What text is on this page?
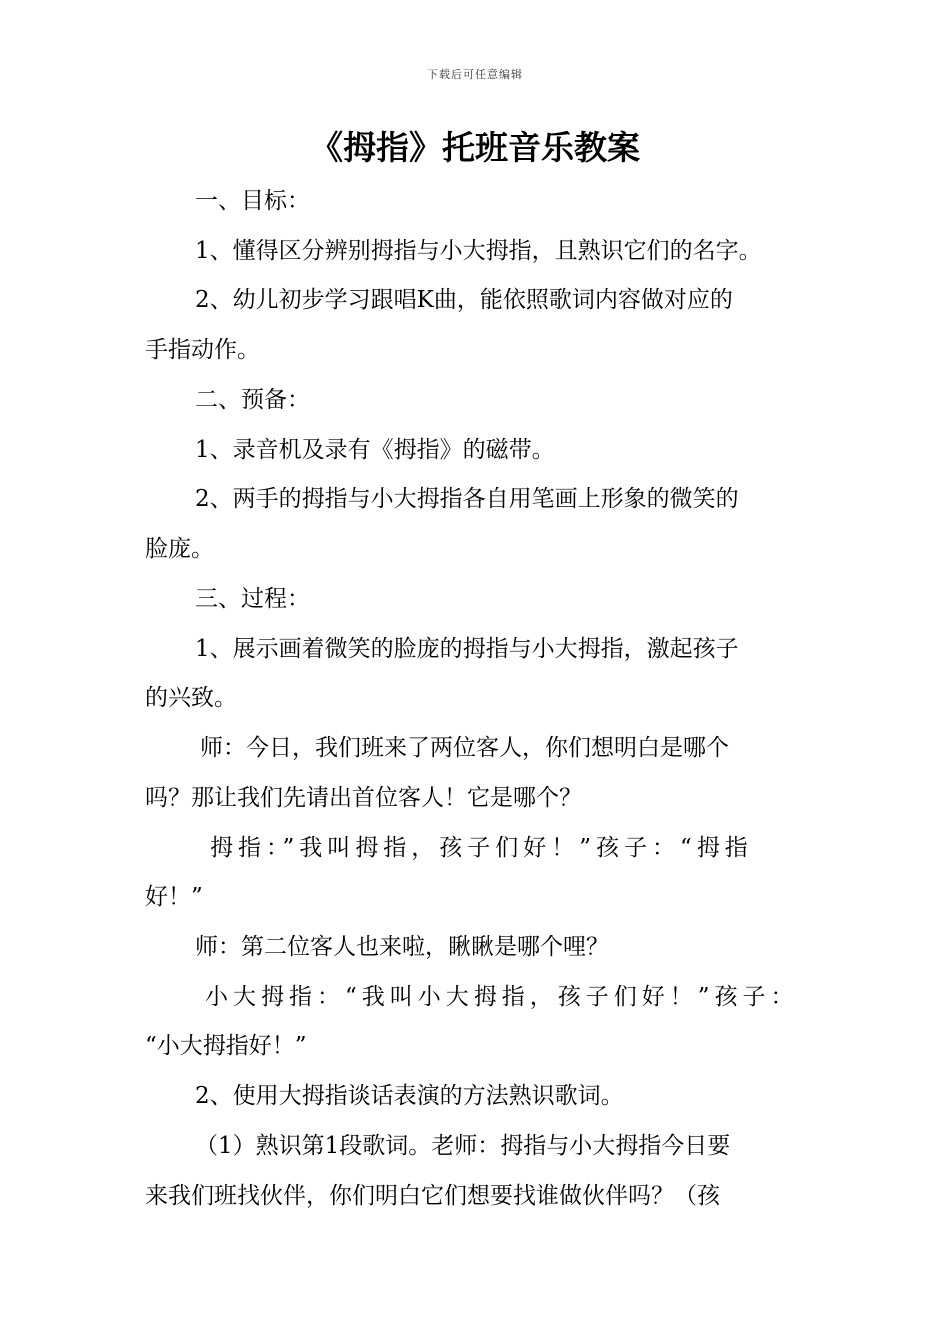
下载后可任意编辑
《拇指》托班音乐教案
一、目标：
1、懂得区分辨别拇指与小大拇指，且熟识它们的名字。
2、幼儿初步学习跟唱K曲，能依照歌词内容做对应的
手指动作。
二、预备：
1、录音机及录有《拇指》的磁带。
2、两手的拇指与小大拇指各自用笔画上形象的微笑的
脸庞。
三、过程：
1、展示画着微笑的脸庞的拇指与小大拇指，激起孩子
的兴致。
师：今日，我们班来了两位客人，你们想明白是哪个
吗？那让我们先请出首位客人！它是哪个？
拇指：”我叫拇指，孩子们好！”孩子：“拇指
好！”
师：第二位客人也来啦，瞅瞅是哪个哩？
小大拇指：“我叫小大拇指，孩子们好！”孩子：
“小大拇指好！”
2、使用大拇指谈话表演的方法熟识歌词。
（1）熟识第1段歌词。老师：拇指与小大拇指今日要
来我们班找伙伴，你们明白它们想要找谁做伙伴吗？（孩
